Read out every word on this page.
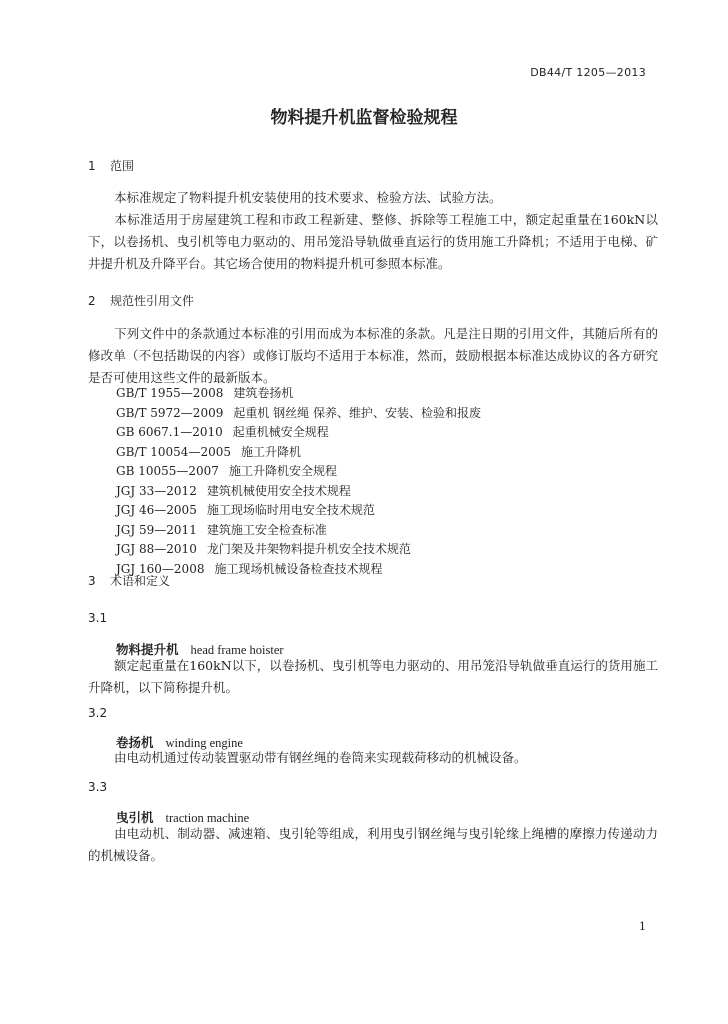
DB44/T 1205—2013
物料提升机监督检验规程
1 范围

本标准规定了物料提升机安装使用的技术要求、检验方法、试验方法。

本标准适用于房屋建筑工程和市政工程新建、整修、拆除等工程施工中，额定起重量在160kN以下，以卷扬机、曳引机等电力驱动的、用吊笼沿导轨做垂直运行的货用施工升降机；不适用于电梯、矿井提升机及升降平台。其它场合使用的物料提升机可参照本标准。

2 规范性引用文件

下列文件中的条款通过本标准的引用而成为本标准的条款。凡是注日期的引用文件，其随后所有的修改单（不包括勘误的内容）或修订版均不适用于本标准，然而，鼓励根据本标准达成协议的各方研究是否可使用这些文件的最新版本。

GB/T 1955—2008 建筑卷扬机
GB/T 5972—2009 起重机 钢丝绳 保养、维护、安装、检验和报废
GB 6067.1—2010 起重机械安全规程
GB/T 10054—2005 施工升降机
GB 10055—2007 施工升降机安全规程
JGJ 33—2012 建筑机械使用安全技术规程
JGJ 46—2005 施工现场临时用电安全技术规范
JGJ 59—2011 建筑施工安全检查标准
JGJ 88—2010 龙门架及井架物料提升机安全技术规范
JGJ 160—2008 施工现场机械设备检查技术规程
3 术语和定义
3.1
物料提升机 head frame hoister

额定起重量在160kN以下，以卷扬机、曳引机等电力驱动的、用吊笼沿导轨做垂直运行的货用施工升降机，以下简称提升机。

3.2
卷扬机 winding engine

由电动机通过传动装置驱动带有钢丝绳的卷筒来实现载荷移动的机械设备。

3.3
曳引机 traction machine

由电动机、制动器、减速箱、曳引轮等组成，利用曳引钢丝绳与曳引轮缘上绳槽的摩擦力传递动力的机械设备。

1
